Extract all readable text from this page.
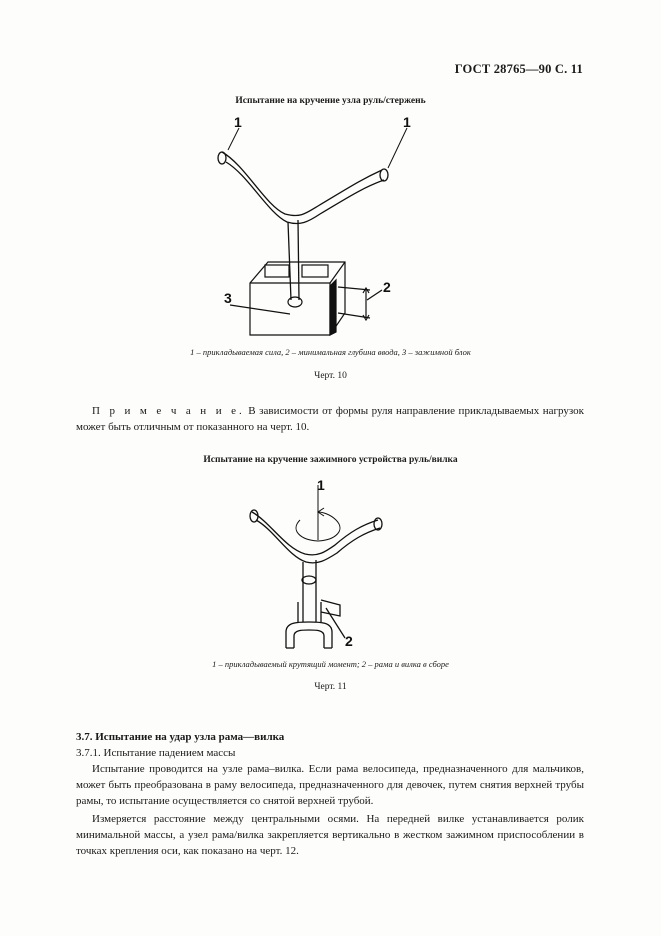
ГОСТ 28765—90 С. 11
Испытание на кручение узла руль/стержень
1	1
2
3
1 – прикладываемая сила, 2 – минимальная глубина ввода, 3 – зажимной блок
Черт. 10
П р и м е ч а н и е. В зависимости от формы руля направление прикладываемых нагрузок может быть отличным от показанного на черт. 10.
Испытание на кручение зажимного устройства руль/вилка
1
2
1 – прикладываемый крутящий момент; 2 – рама и вилка в сборе
Черт. 11
3.7. Испытание на удар узла рама—вилка
3.7.1. Испытание падением массы
Испытание проводится на узле рама–вилка. Если рама велосипеда, предназначенного для мальчиков, может быть преобразована в раму велосипеда, предназначенного для девочек, путем снятия верхней трубы рамы, то испытание осуществляется со снятой верхней трубой.
Измеряется расстояние между центральными осями. На передней вилке устанавливается ролик минимальной массы, а узел рама/вилка закрепляется вертикально в жестком зажимном приспособлении в точках крепления оси, как показано на черт. 12.
